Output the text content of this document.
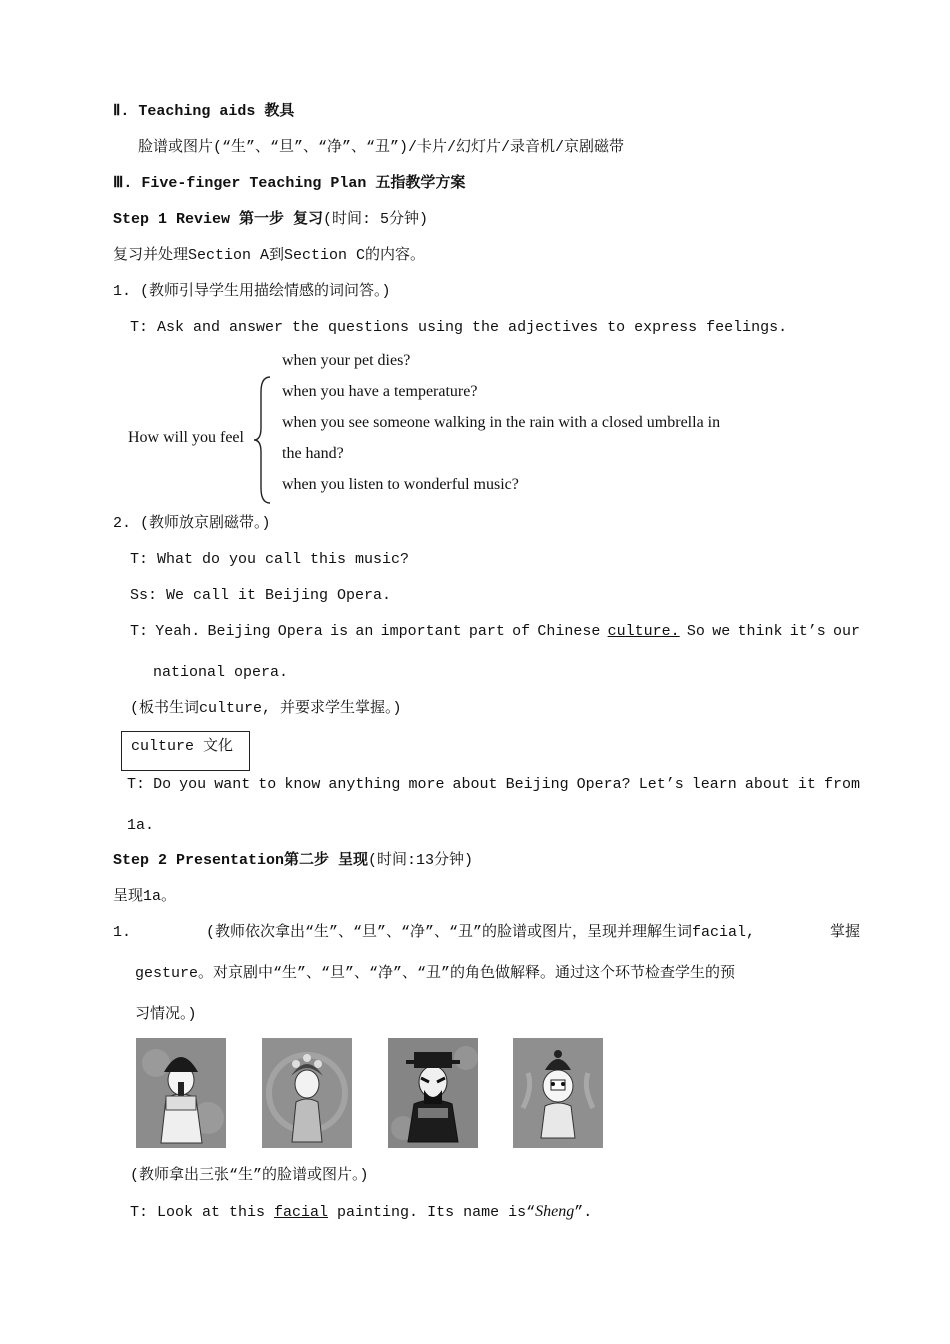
Ⅱ. Teaching aids 教具
脸谱或图片(“生”、“旦”、“净”、“丑”)/卡片/幻灯片/录音机/京剧磁带
Ⅲ. Five-finger Teaching Plan 五指教学方案
Step 1 Review 第一步 复习(时间: 5分钟)
复习并处理Section A到Section C的内容。
1. (教师引导学生用描绘情感的词问答。)
T: Ask and answer the questions using the adjectives to express feelings.
How will you feel
when your pet dies?
when you have a temperature?
when you see someone walking in the rain with a closed umbrella in
the hand?
when you listen to wonderful music?
2. (教师放京剧磁带。)
T: What do you call this music?
Ss: We call it Beijing Opera.
T: Yeah. Beijing Opera is an important part of Chinese culture. So we think it’s our
national opera.
(板书生词culture, 并要求学生掌握。)
culture 文化
T: Do you want to know anything more about Beijing Opera? Let’s learn about it from
1a.
Step 2 Presentation第二步 呈现(时间:13分钟)
呈现1a。
1.	(教师依次拿出“生”、“旦”、“净”、“丑”的脸谱或图片，呈现并理解生词facial,	掌握
gesture。对京剧中“生”、“旦”、“净”、“丑”的角色做解释。通过这个环节检查学生的预
习情况。)
(教师拿出三张“生”的脸谱或图片。)
T: Look at this facial painting. Its name is“Sheng”.
